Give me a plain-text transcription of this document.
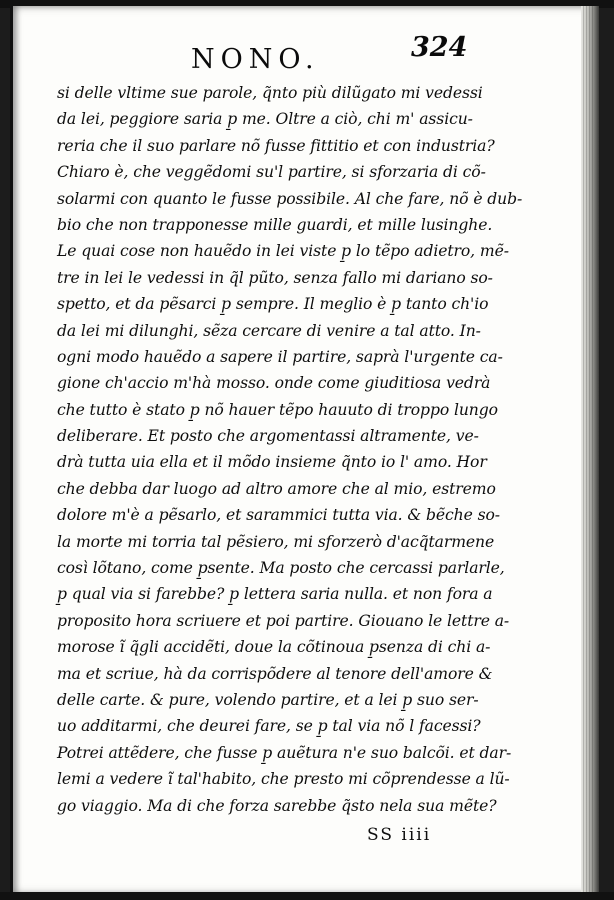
NONO.	324
si delle vltime sue parole, q̃nto più dilũgato mi vedessi
da lei, peggiore saria p̱ me. Oltre a ciò, chi m' assicu-
reria che il suo parlare nõ fusse fittitio et con industria?
Chiaro è, che veggẽdomi su'l partire, si sforzaria di cõ-
solarmi con quanto le fusse possibile. Al che fare, nõ è dub-
bio che non trapponesse mille guardi, et mille lusinghe.
Le quai cose non hauẽdo in lei viste p̱ lo tẽpo adietro, mẽ-
tre in lei le vedessi in q̃l pũto, senza fallo mi dariano so-
spetto, et da pẽsarci p̱ sempre. Il meglio è p̱ tanto ch'io
da lei mi dilunghi, sẽza cercare di venire a tal atto. In-
ogni modo hauẽdo a sapere il partire, saprà l'urgente ca-
gione ch'accio m'hà mosso. onde come giuditiosa vedrà
che tutto è stato p̱ nõ hauer tẽpo hauuto di troppo lungo
deliberare. Et posto che argomentassi altramente, ve-
drà tutta uia ella et il mõdo insieme q̃nto io l' amo. Hor
che debba dar luogo ad altro amore che al mio, estremo
dolore m'è a pẽsarlo, et sarammici tutta via. & bẽche so-
la morte mi torria tal pẽsiero, mi sforzerò d'acq̃tarmene
così lõtano, come p̱sente. Ma posto che cercassi parlarle,
p̱ qual via si farebbe? p̱ lettera saria nulla. et non fora a
proposito hora scriuere et poi partire. Giouano le lettre a-
morose ĩ q̃gli accidẽti, doue la cõtinoua p̱senza di chi a-
ma et scriue, hà da corrispõdere al tenore dell'amore &
delle carte. & pure, volendo partire, et a lei p̱ suo ser-
uo additarmi, che deurei fare, se p̱ tal via nõ l facessi?
Potrei attẽdere, che fusse p̱ auẽtura n'e suo balcõi. et dar-
lemi a vedere ĩ tal'habito, che presto mi cõprendesse a lũ-
go viaggio. Ma di che forza sarebbe q̃sto nela sua mẽte?
SS iiii
